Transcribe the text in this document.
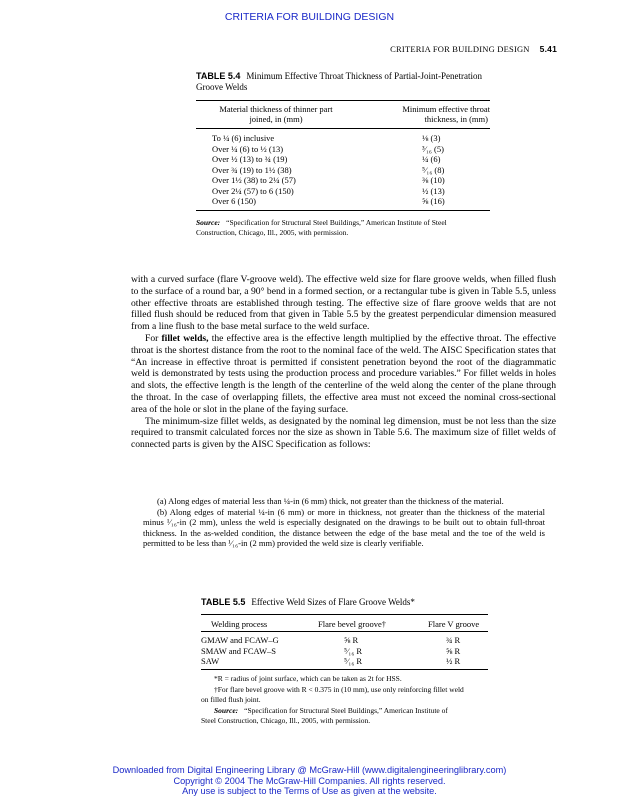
CRITERIA FOR BUILDING DESIGN
CRITERIA FOR BUILDING DESIGN 5.41
TABLE 5.4 Minimum Effective Throat Thickness of Partial-Joint-Penetration
Groove Welds
Material thickness of thinner part
joined, in (mm)
Minimum effective throat
thickness, in (mm)
To ¼ (6) inclusive	⅛ (3)
Over ¼ (6) to ½ (13)	³⁄₁₆ (5)
Over ½ (13) to ¾ (19)	¼ (6)
Over ¾ (19) to 1½ (38)	⁵⁄₁₆ (8)
Over 1½ (38) to 2¼ (57)	⅜ (10)
Over 2¼ (57) to 6 (150)	½ (13)
Over 6 (150)	⅝ (16)
Source: “Specification for Structural Steel Buildings,” American Institute of Steel
Construction, Chicago, Ill., 2005, with permission.

with a curved surface (flare V-groove weld). The effective weld size for flare groove welds, when filled flush to the surface of a round bar, a 90° bend in a formed section, or a rectangular tube is given in Table 5.5, unless other effective throats are established through testing. The effective size of flare groove welds that are not filled flush should be reduced from that given in Table 5.5 by the greatest perpendicular dimension measured from a line flush to the base metal surface to the weld surface.

For fillet welds, the effective area is the effective length multiplied by the effective throat. The effective throat is the shortest distance from the root to the nominal face of the weld. The AISC Specification states that “An increase in effective throat is permitted if consistent penetration beyond the root of the diagrammatic weld is demonstrated by tests using the production process and procedure variables.” For fillet welds in holes and slots, the effective length is the length of the centerline of the weld along the center of the plane through the throat. In the case of overlapping fillets, the effective area must not exceed the nominal cross-sectional area of the hole or slot in the plane of the faying surface.

The minimum-size fillet welds, as designated by the nominal leg dimension, must be not less than the size required to transmit calculated forces nor the size as shown in Table 5.6. The maximum size of fillet welds of connected parts is given by the AISC Specification as follows:

(a) Along edges of material less than ¼-in (6 mm) thick, not greater than the thickness of the material.

(b) Along edges of material ¼-in (6 mm) or more in thickness, not greater than the thickness of the material minus ¹⁄₁₆-in (2 mm), unless the weld is especially designated on the drawings to be built out to obtain full-throat thickness. In the as-welded condition, the distance between the edge of the base metal and the toe of the weld is permitted to be less than ¹⁄₁₆-in (2 mm) provided the weld size is clearly verifiable.

TABLE 5.5 Effective Weld Sizes of Flare Groove Welds*
Welding process	Flare bevel groove†	Flare V groove
GMAW and FCAW–G	⅝ R	¾ R
SMAW and FCAW–S	⁵⁄₁₆ R	⅝ R
SAW	⁵⁄₁₆ R	½ R
*R = radius of joint surface, which can be taken as 2t for HSS.
†For flare bevel groove with R < 0.375 in (10 mm), use only reinforcing fillet weld
on filled flush joint.
Source: “Specification for Structural Steel Buildings,” American Institute of
Steel Construction, Chicago, Ill., 2005, with permission.
Downloaded from Digital Engineering Library @ McGraw-Hill (www.digitalengineeringlibrary.com)
Copyright © 2004 The McGraw-Hill Companies. All rights reserved.
Any use is subject to the Terms of Use as given at the website.
